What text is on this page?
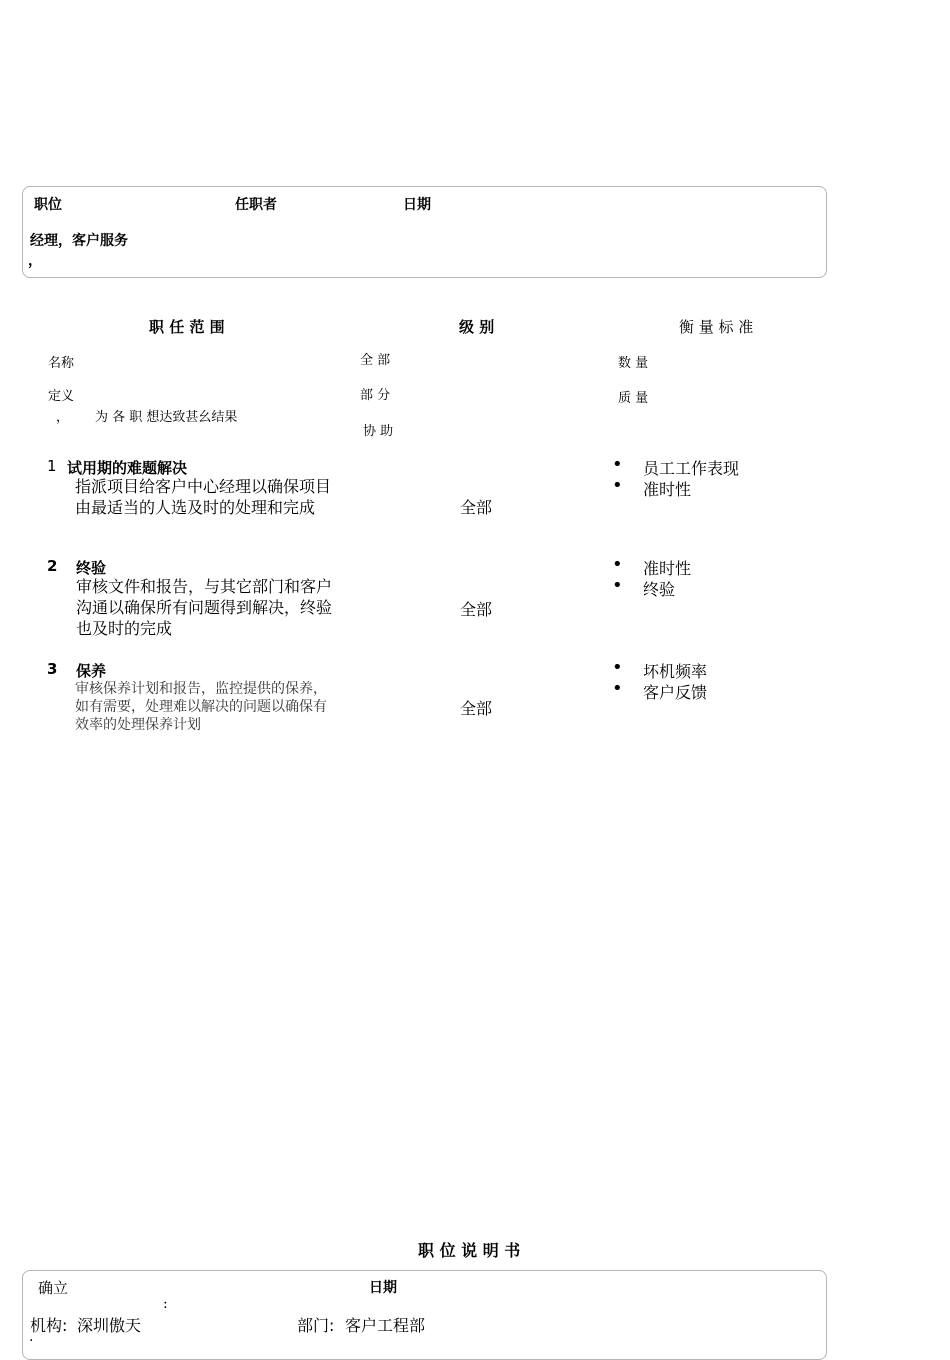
职位	任职者	日期
经理，客户服务
，
职 任 范 围	级 别	衡 量 标 准
名称
定义
， 为 各 职 想达致甚幺结果
全 部
部 分
协 助
数 量
质 量
1 试用期的难题解决
指派项目给客户中心经理以确保项目由最适当的人选及时的处理和完成	全部
• 员工工作表现
• 准时性
2 终验
审核文件和报告，与其它部门和客户沟通以确保所有问题得到解决，终验也及时的完成
全部
• 准时性
• 终验
3 保养
审核保养计划和报告，监控提供的保养，如有需要，处理难以解决的问题以确保有效率的处理保养计划
全部
• 坏机频率
• 客户反馈
职 位 说 明 书
确立
:
日期
机构: 深圳傲天	部门: 客户工程部
.
